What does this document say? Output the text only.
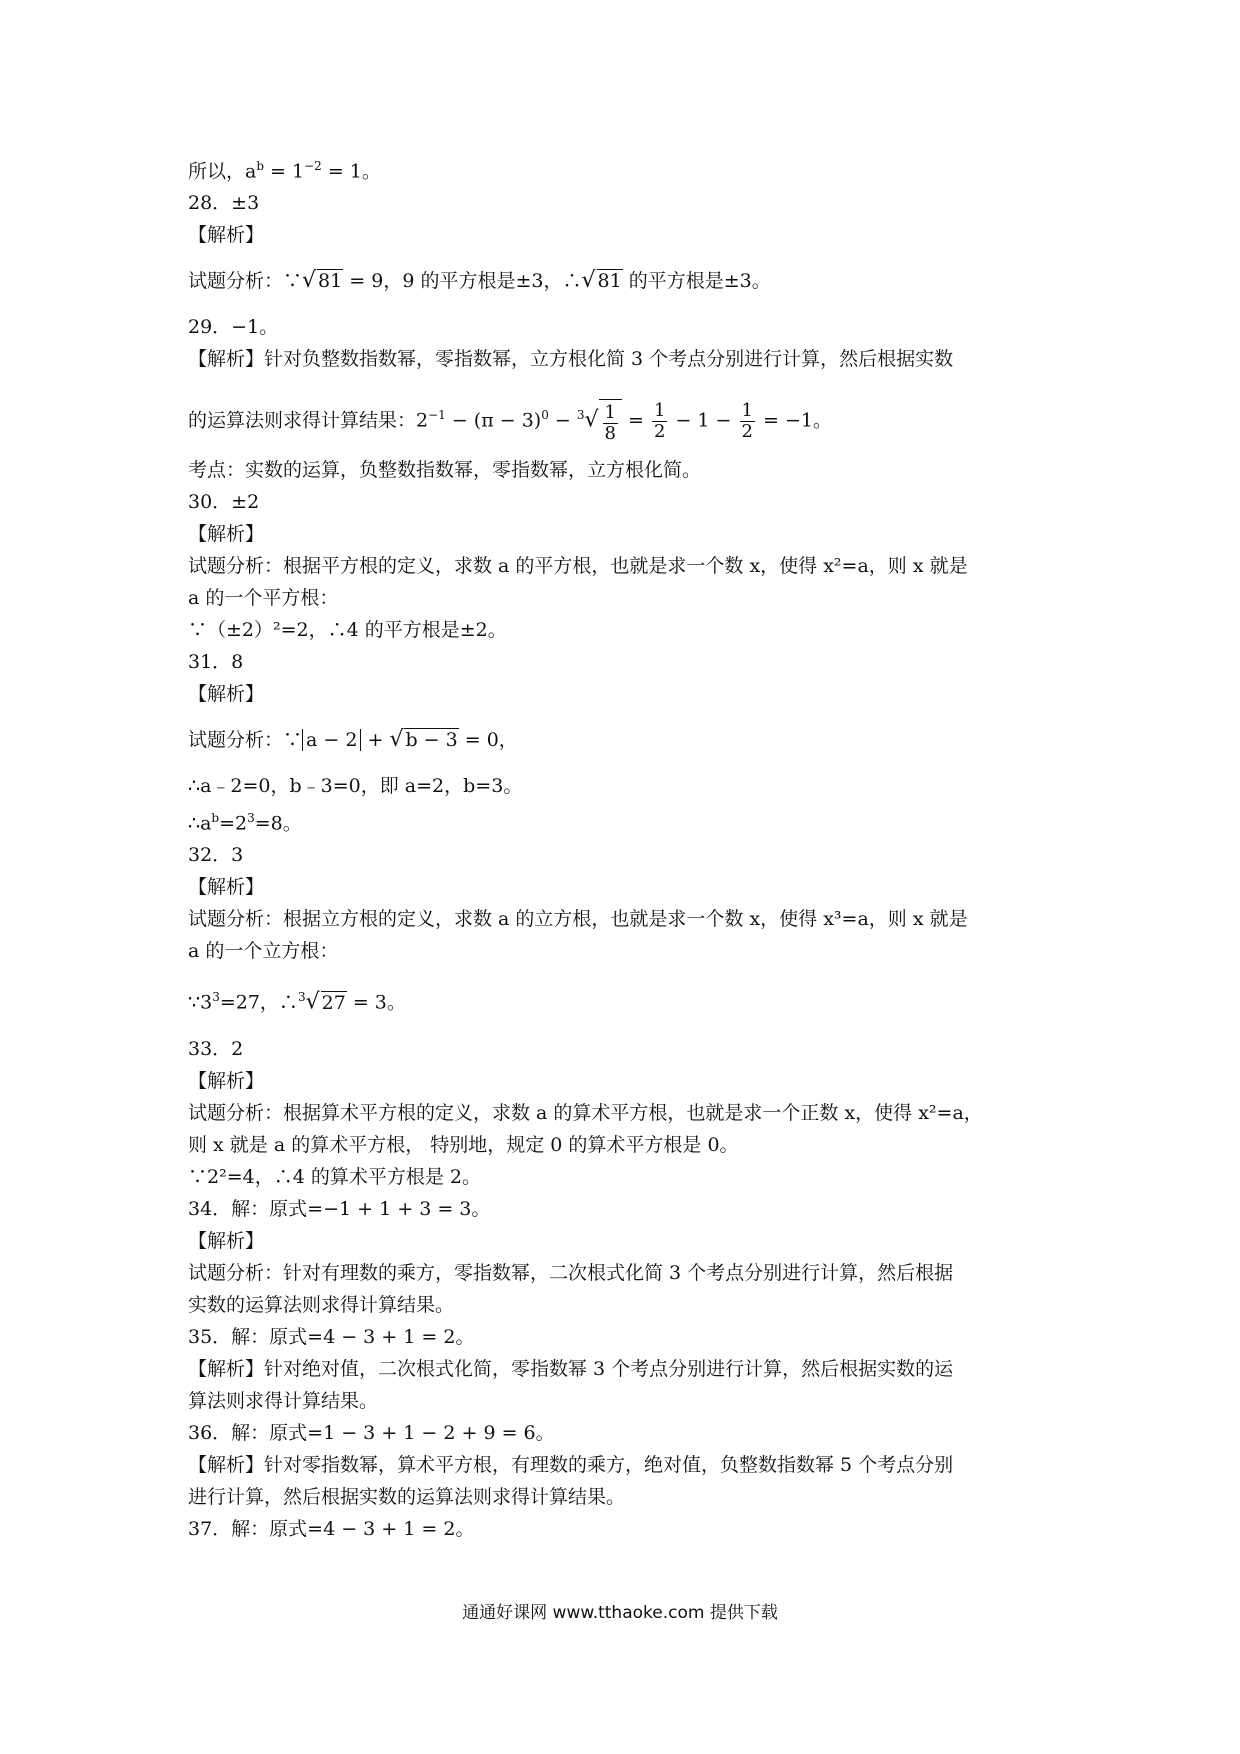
所以，$a^b = 1^{-2} = 1$。
28．±3
【解析】
试题分析：∵√ 81 = 9，9 的平方根是±3，∴√ 81 的平方根是±3。
29．−1。
【解析】针对负整数指数幂，零指数幂，立方根化简 3 个考点分别进行计算，然后根据实数
的运算法则求得计算结果：$2^{-1} - (\pi - 3)^0 - ^3√ \frac{1}{8} = \frac{1}{2} - 1 - \frac{1}{2} = -1$。
考点：实数的运算，负整数指数幂，零指数幂，立方根化简。
30．±2
【解析】
试题分析：根据平方根的定义，求数 a 的平方根，也就是求一个数 x，使得 x²=a，则 x 就是
a 的一个平方根：
∵（±2）²=2，∴4 的平方根是±2。
31．8
【解析】
试题分析：∵ a − 2 + √ b − 3 = 0，
∴a﹣2=0，b﹣3=0，即 a=2，b=3。
$\therefore a^b=2^3=8$。
32．3
【解析】
试题分析：根据立方根的定义，求数 a 的立方根，也就是求一个数 x，使得 x³=a，则 x 就是
a 的一个立方根：
$\because 3^3=27$，∴$^3$√ 27 = 3。
33．2
【解析】
试题分析：根据算术平方根的定义，求数 a 的算术平方根，也就是求一个正数 x，使得 x²=a，
则 x 就是 a 的算术平方根， 特别地，规定 0 的算术平方根是 0。
∵2²=4，∴4 的算术平方根是 2。
34．解：原式=−1 + 1 + 3 = 3。
【解析】
试题分析：针对有理数的乘方，零指数幂，二次根式化简 3 个考点分别进行计算，然后根据
实数的运算法则求得计算结果。
35．解：原式=4 − 3 + 1 = 2。
【解析】针对绝对值，二次根式化简，零指数幂 3 个考点分别进行计算，然后根据实数的运
算法则求得计算结果。
36．解：原式=1 − 3 + 1 − 2 + 9 = 6。
【解析】针对零指数幂，算术平方根，有理数的乘方，绝对值，负整数指数幂 5 个考点分别
进行计算，然后根据实数的运算法则求得计算结果。
37．解：原式=4 − 3 + 1 = 2。
通通好课网 www.tthaoke.com 提供下载
